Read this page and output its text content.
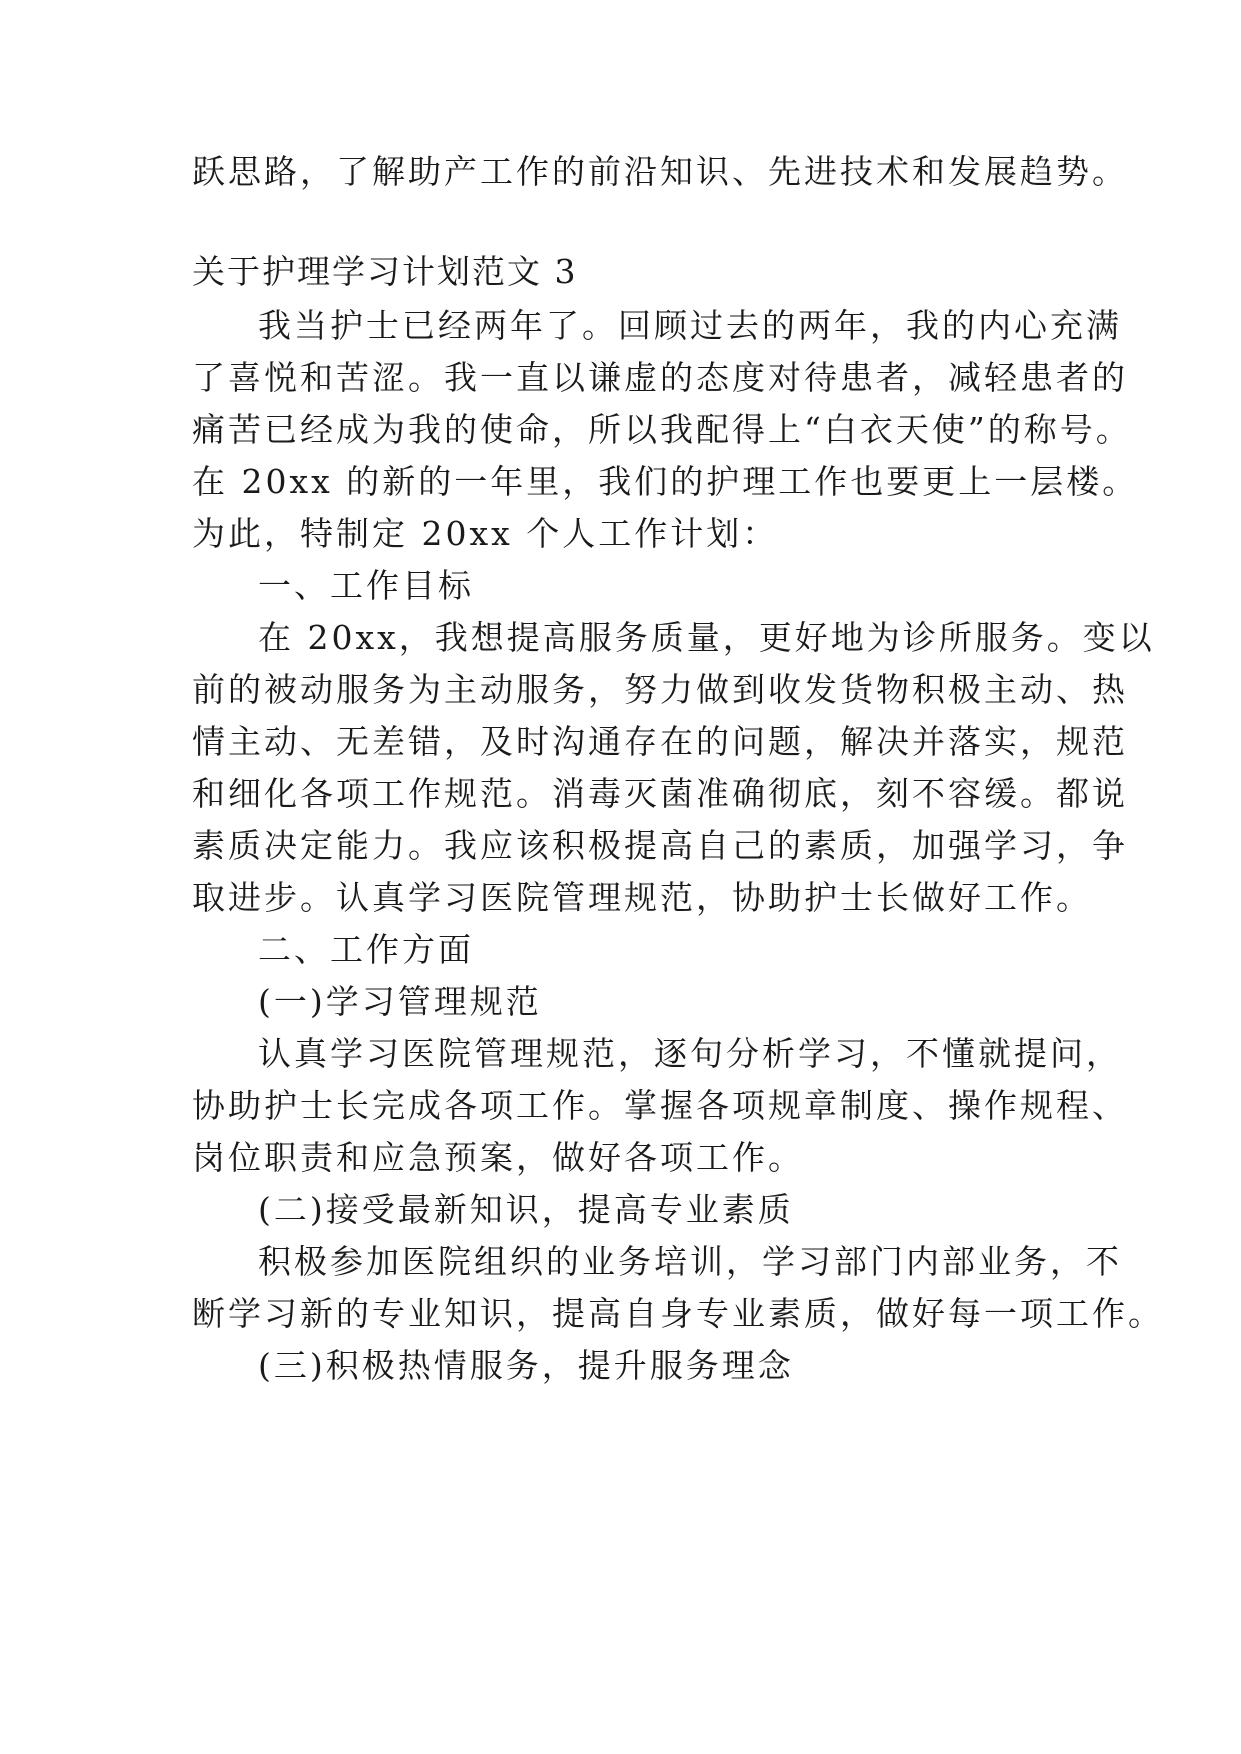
跃思路，了解助产工作的前沿知识、先进技术和发展趋势。
关于护理学习计划范文 3
我当护士已经两年了。回顾过去的两年，我的内心充满
了喜悦和苦涩。我一直以谦虚的态度对待患者，减轻患者的
痛苦已经成为我的使命，所以我配得上“白衣天使”的称号。
在 20xx 的新的一年里，我们的护理工作也要更上一层楼。
为此，特制定 20xx 个人工作计划：
一、工作目标
在 20xx，我想提高服务质量，更好地为诊所服务。变以
前的被动服务为主动服务，努力做到收发货物积极主动、热
情主动、无差错，及时沟通存在的问题，解决并落实，规范
和细化各项工作规范。消毒灭菌准确彻底，刻不容缓。都说
素质决定能力。我应该积极提高自己的素质，加强学习，争
取进步。认真学习医院管理规范，协助护士长做好工作。
二、工作方面
(一)学习管理规范
认真学习医院管理规范，逐句分析学习，不懂就提问，
协助护士长完成各项工作。掌握各项规章制度、操作规程、
岗位职责和应急预案，做好各项工作。
(二)接受最新知识，提高专业素质
积极参加医院组织的业务培训，学习部门内部业务，不
断学习新的专业知识，提高自身专业素质，做好每一项工作。
(三)积极热情服务，提升服务理念
